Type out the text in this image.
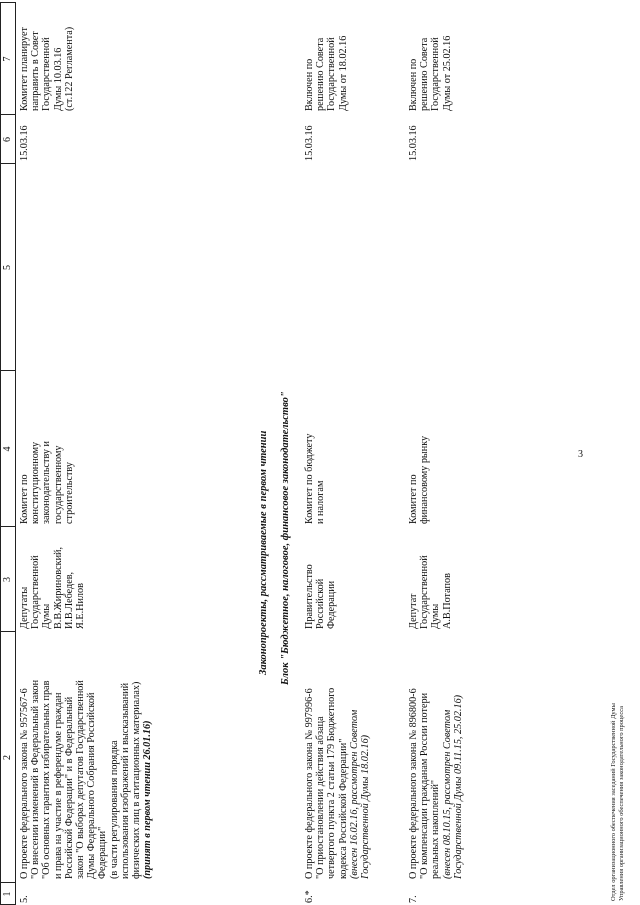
3
1
2
3
4
5
6
7
5.
О проекте федерального закона № 957567-6 "О внесении изменений в Федеральный закон "Об основных гарантиях избирательных прав и права на участие в референдуме граждан Российской Федерации" и в Федеральный закон "О выборах депутатов Государственной Думы Федерального Собрания Российской Федерации" (в части регулирования порядка использования изображений и высказываний физических лиц в агитационных материалах) (принят в первом чтении 26.01.16)
Депутаты Государственной Думы В.В.Жириновский, И.В.Лебедев, Я.Е.Нилов
Комитет по конституционному законодательству и государственному строительству
15.03.16
Комитет планирует направить в Совет Государственной Думы 10.03.16 (ст.122 Регламента)
Законопроекты, рассматриваемые в первом чтении Блок "Бюджетное, налоговое, финансовое законодательство"
6.*
О проекте федерального закона № 997996-6 "О приостановлении действия абзаца четвертого пункта 2 статьи 179 Бюджетного кодекса Российской Федерации" (внесен 16.02.16, рассмотрен Советом Государственной Думы 18.02.16)
Правительство Российской Федерации
Комитет по бюджету и налогам
15.03.16
Включен по решению Совета Государственной Думы от 18.02.16
7.
О проекте федерального закона № 896800-6 "О компенсации гражданам России потери реальных накоплений" (внесен 08.10.15, рассмотрен Советом Государственной Думы 09.11.15, 25.02.16)
Депутат Государственной Думы А.В.Потапов
Комитет по финансовому рынку
15.03.16
Включен по решению Совета Государственной Думы от 25.02.16
Отдел организационного обеспечения заседаний Государственной Думы Управления организационного обеспечения законодательного процесса
